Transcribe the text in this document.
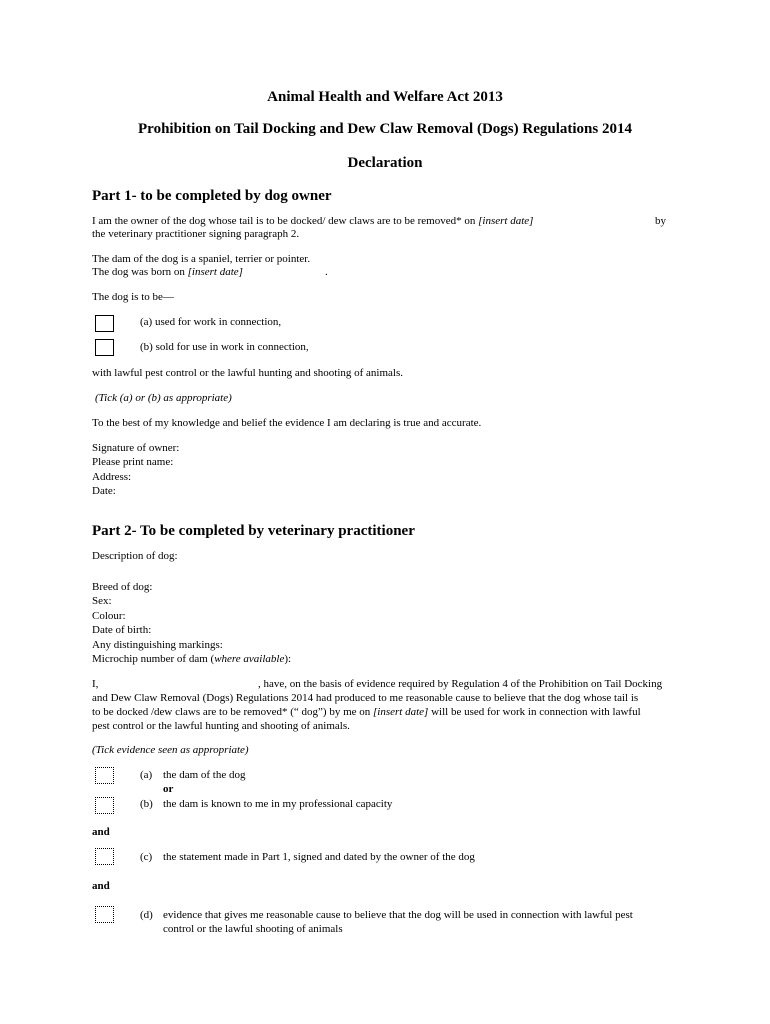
Animal Health and Welfare Act 2013
Prohibition on Tail Docking and Dew Claw Removal (Dogs) Regulations 2014
Declaration
Part 1- to be completed by dog owner
I am the owner of the dog whose tail is to be docked/ dew claws are to be removed* on [insert date]	by
the veterinary practitioner signing paragraph 2.
The dam of the dog is a spaniel, terrier or pointer.
The dog was born on [insert date]	.
The dog is to be—
(a) used for work in connection,
(b) sold for use in work in connection,
with lawful pest control or the lawful hunting and shooting of animals.
(Tick (a) or (b) as appropriate)
To the best of my knowledge and belief the evidence I am declaring is true and accurate.
Signature of owner:
Please print name:
Address:
Date:
Part 2- To be completed by veterinary practitioner
Description of dog:
Breed of dog:
Sex:
Colour:
Date of birth:
Any distinguishing markings:
Microchip number of dam (where available):
I,	, have, on the basis of evidence required by Regulation 4 of the Prohibition on Tail Docking
and Dew Claw Removal (Dogs) Regulations 2014 had produced to me reasonable cause to believe that the dog whose tail is
to be docked /dew claws are to be removed* (“ dog”) by me on [insert date] will be used for work in connection with lawful
pest control or the lawful hunting and shooting of animals.
(Tick evidence seen as appropriate)
(a) the dam of the dog
or
(b) the dam is known to me in my professional capacity
and
(c) the statement made in Part 1, signed and dated by the owner of the dog
and
(d) evidence that gives me reasonable cause to believe that the dog will be used in connection with lawful pest
control or the lawful shooting of animals
